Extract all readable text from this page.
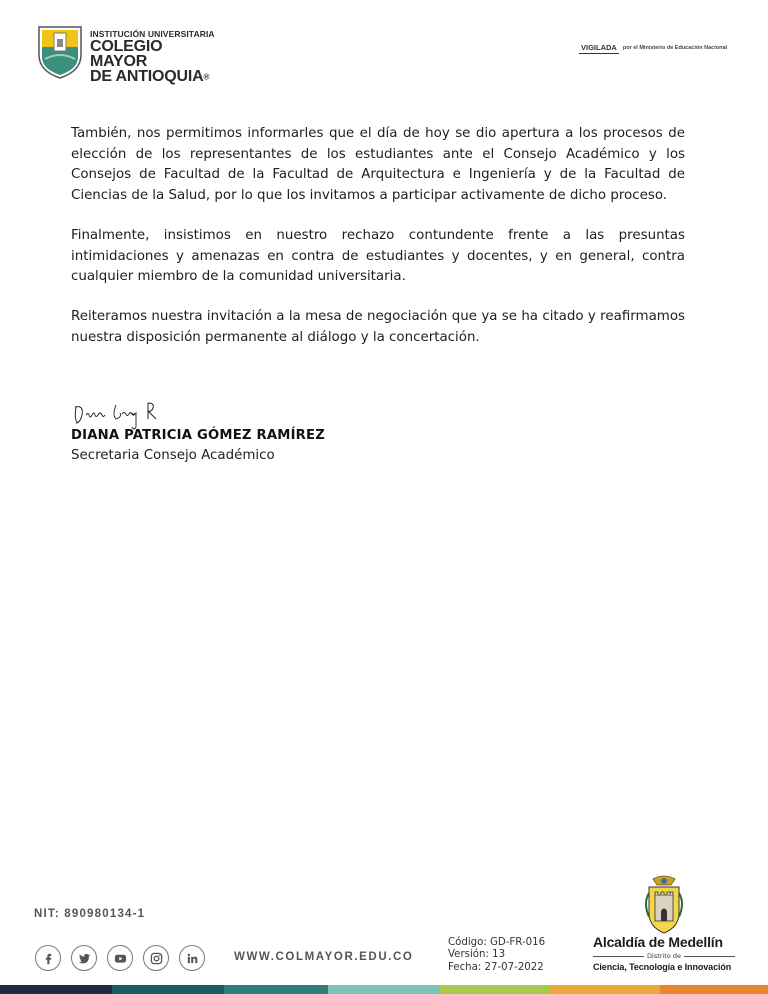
INSTITUCIÓN UNIVERSITARIA
COLEGIO MAYOR
DE ANTIOQUIA®
VIGILADA	por el Ministerio de Educación Nacional

También, nos permitimos informarles que el día de hoy se dio apertura a los procesos de elección de los representantes de los estudiantes ante el Consejo Académico y los Consejos de Facultad de la Facultad de Arquitectura e Ingeniería y de la Facultad de Ciencias de la Salud, por lo que los invitamos a participar activamente de dicho proceso.

Finalmente, insistimos en nuestro rechazo contundente frente a las presuntas intimidaciones y amenazas en contra de estudiantes y docentes, y en general, contra cualquier miembro de la comunidad universitaria.

Reiteramos nuestra invitación a la mesa de negociación que ya se ha citado y reafirmamos nuestra disposición permanente al diálogo y la concertación.

Diana Gómez R
DIANA PATRICIA GÓMEZ RAMÍREZ
Secretaria Consejo Académico
NIT: 890980134-1
WWW.COLMAYOR.EDU.CO
Código: GD-FR-016
Versión: 13
Fecha: 27-07-2022
Alcaldía de Medellín
Distrito de
Ciencia, Tecnología e Innovación
